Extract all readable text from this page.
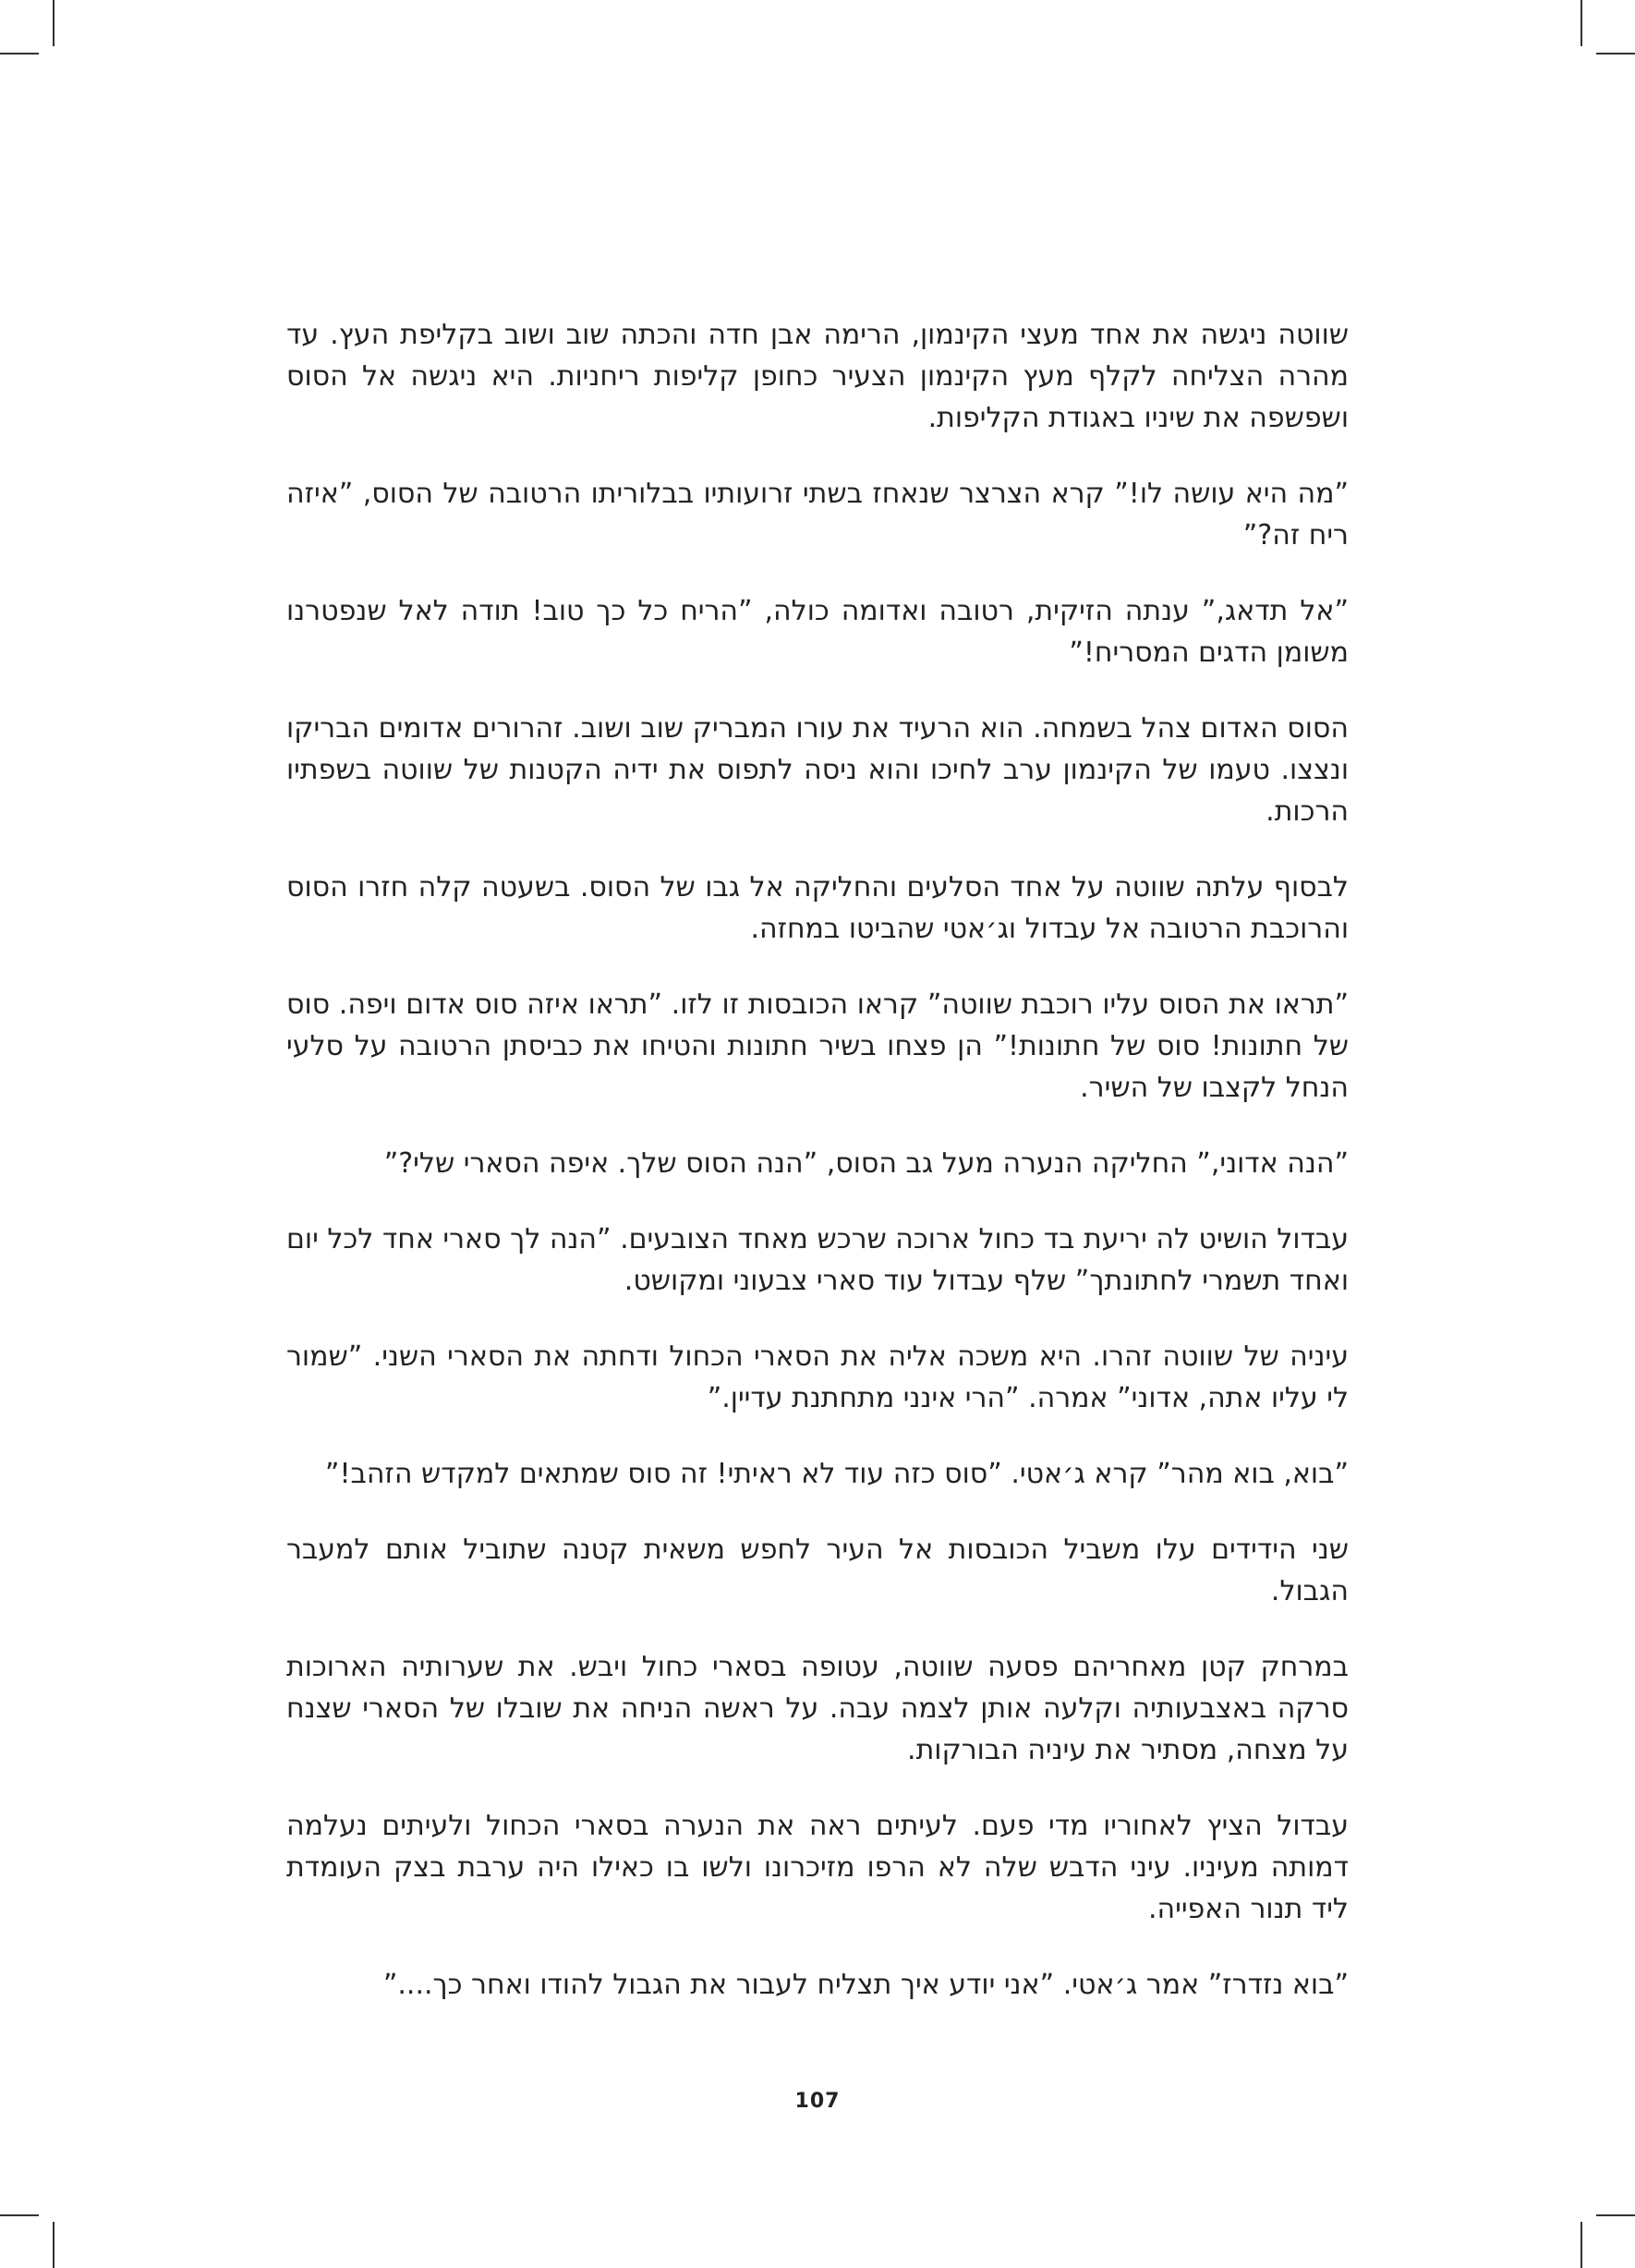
שווטה ניגשה את אחד מעצי הקינמון, הרימה אבן חדה והכתה שוב ושוב בקליפת העץ. עד מהרה הצליחה לקלף מעץ הקינמון הצעיר כחופן קליפות ריחניות. היא ניגשה אל הסוס ושפשפה את שיניו באגודת הקליפות.

”מה היא עושה לו!” קרא הצרצר שנאחז בשתי זרועותיו בבלוריתו הרטובה של הסוס, ”איזה ריח זה?”

”אל תדאג,” ענתה הזיקית, רטובה ואדומה כולה, ”הריח כל כך טוב! תודה לאל שנפטרנו משומן הדגים המסריח!”

הסוס האדום צהל בשמחה. הוא הרעיד את עורו המבריק שוב ושוב. זהרורים אדומים הבריקו ונצצו. טעמו של הקינמון ערב לחיכו והוא ניסה לתפוס את ידיה הקטנות של שווטה בשפתיו הרכות.

לבסוף עלתה שווטה על אחד הסלעים והחליקה אל גבו של הסוס. בשעטה קלה חזרו הסוס והרוכבת הרטובה אל עבדול וג׳אטי שהביטו במחזה.

”תראו את הסוס עליו רוכבת שווטה” קראו הכובסות זו לזו. ”תראו איזה סוס אדום ויפה. סוס של חתונות! סוס של חתונות!” הן פצחו בשיר חתונות והטיחו את כביסתן הרטובה על סלעי הנחל לקצבו של השיר.

”הנה אדוני,” החליקה הנערה מעל גב הסוס, ”הנה הסוס שלך. איפה הסארי שלי?”

עבדול הושיט לה יריעת בד כחול ארוכה שרכש מאחד הצובעים. ”הנה לך סארי אחד לכל יום ואחד תשמרי לחתונתך” שלף עבדול עוד סארי צבעוני ומקושט.

עיניה של שווטה זהרו. היא משכה אליה את הסארי הכחול ודחתה את הסארי השני. ”שמור לי עליו אתה, אדוני” אמרה. ”הרי אינני מתחתנת עדיין.”

”בוא, בוא מהר” קרא ג׳אטי. ”סוס כזה עוד לא ראיתי! זה סוס שמתאים למקדש הזהב!”

שני הידידים עלו משביל הכובסות אל העיר לחפש משאית קטנה שתוביל אותם למעבר הגבול.

במרחק קטן מאחריהם פסעה שווטה, עטופה בסארי כחול ויבש. את שערותיה הארוכות סרקה באצבעותיה וקלעה אותן לצמה עבה. על ראשה הניחה את שובלו של הסארי שצנח על מצחה, מסתיר את עיניה הבורקות.

עבדול הציץ לאחוריו מדי פעם. לעיתים ראה את הנערה בסארי הכחול ולעיתים נעלמה דמותה מעיניו. עיני הדבש שלה לא הרפו מזיכרונו ולשו בו כאילו היה ערבת בצק העומדת ליד תנור האפייה.

”בוא נזדרז” אמר ג׳אטי. ”אני יודע איך תצליח לעבור את הגבול להודו ואחר כך....”

107
